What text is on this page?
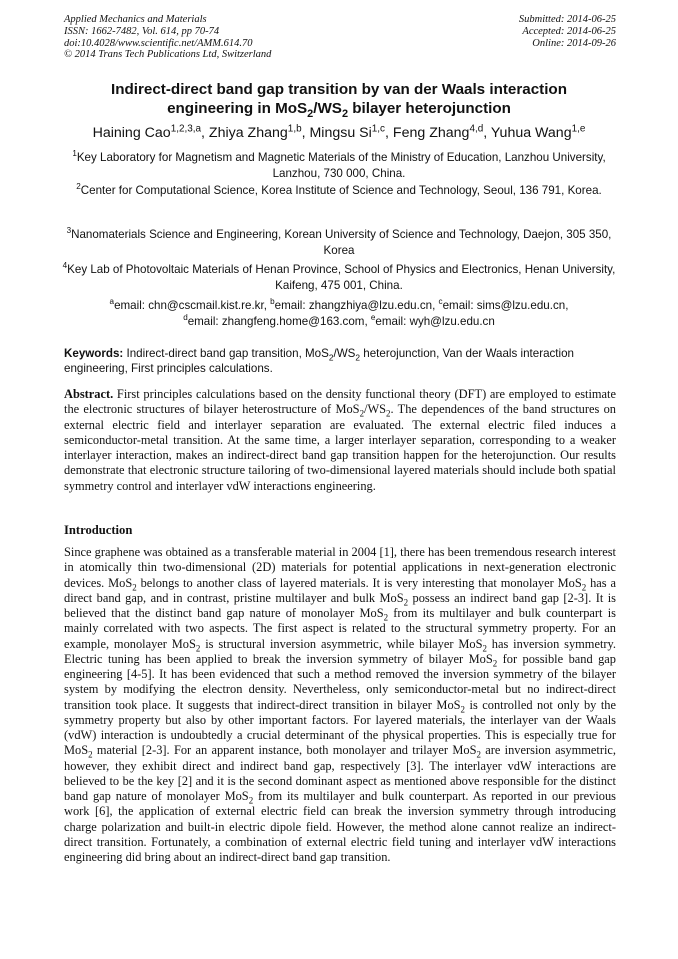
Applied Mechanics and Materials
ISSN: 1662-7482, Vol. 614, pp 70-74
doi:10.4028/www.scientific.net/AMM.614.70
© 2014 Trans Tech Publications Ltd, Switzerland
Submitted: 2014-06-25
Accepted: 2014-06-25
Online: 2014-09-26
Indirect-direct band gap transition by van der Waals interaction
engineering in $MoS_2/WS_2$ bilayer heterojunction
Haining Cao$^{1,2,3,a}$, Zhiya Zhang$^{1,b}$, Mingsu Si$^{1,c}$, Feng Zhang$^{4,d}$, Yuhua Wang$^{1,e}$
$^1$Key Laboratory for Magnetism and Magnetic Materials of the Ministry of Education, Lanzhou University, Lanzhou, 730 000, China.
$^2$Center for Computational Science, Korea Institute of Science and Technology, Seoul, 136 791, Korea.
$^3$Nanomaterials Science and Engineering, Korean University of Science and Technology, Daejon, 305 350, Korea
$^4$Key Lab of Photovoltaic Materials of Henan Province, School of Physics and Electronics, Henan University, Kaifeng, 475 001, China.
$^a$email: chn@cscmail.kist.re.kr, $^b$email: zhangzhiya@lzu.edu.cn, $^c$email: sims@lzu.edu.cn,
$^d$email: zhangfeng.home@163.com, $^e$email: wyh@lzu.edu.cn
Keywords: Indirect-direct band gap transition, $MoS_2/WS_2$ heterojunction, Van der Waals interaction engineering, First principles calculations.
Abstract. First principles calculations based on the density functional theory (DFT) are employed to estimate the electronic structures of bilayer heterostructure of $MoS_2/WS_2$. The dependences of the band structures on external electric field and interlayer separation are evaluated. The external electric filed induces a semiconductor-metal transition. At the same time, a larger interlayer separation, corresponding to a weaker interlayer interaction, makes an indirect-direct band gap transition happen for the heterojunction. Our results demonstrate that electronic structure tailoring of two-dimensional layered materials should include both spatial symmetry control and interlayer vdW interactions engineering.
Introduction
Since graphene was obtained as a transferable material in 2004 [1], there has been tremendous research interest in atomically thin two-dimensional (2D) materials for potential applications in next-generation electronic devices. MoS$_2$ belongs to another class of layered materials. It is very interesting that monolayer MoS$_2$ has a direct band gap, and in contrast, pristine multilayer and bulk MoS$_2$ possess an indirect band gap [2-3]. It is believed that the distinct band gap nature of monolayer MoS$_2$ from its multilayer and bulk counterpart is mainly correlated with two aspects. The first aspect is related to the structural symmetry property. For an example, monolayer MoS$_2$ is structural inversion asymmetric, while bilayer MoS$_2$ has inversion symmetry. Electric tuning has been applied to break the inversion symmetry of bilayer MoS$_2$ for possible band gap engineering [4-5]. It has been evidenced that such a method removed the inversion symmetry of the bilayer system by modifying the electron density. Nevertheless, only semiconductor-metal but no indirect-direct transition took place. It suggests that indirect-direct transition in bilayer MoS$_2$ is controlled not only by the symmetry property but also by other important factors. For layered materials, the interlayer van der Waals (vdW) interaction is undoubtedly a crucial determinant of the physical properties. This is especially true for MoS$_2$ material [2-3]. For an apparent instance, both monolayer and trilayer MoS$_2$ are inversion asymmetric, however, they exhibit direct and indirect band gap, respectively [3]. The interlayer vdW interactions are believed to be the key [2] and it is the second dominant aspect as mentioned above responsible for the distinct band gap nature of monolayer MoS$_2$ from its multilayer and bulk counterpart. As reported in our previous work [6], the application of external electric field can break the inversion symmetry through introducing charge polarization and built-in electric dipole field. However, the method alone cannot realize an indirect-direct transition. Fortunately, a combination of external electric field tuning and interlayer vdW interactions engineering did bring about an indirect-direct band gap transition.
